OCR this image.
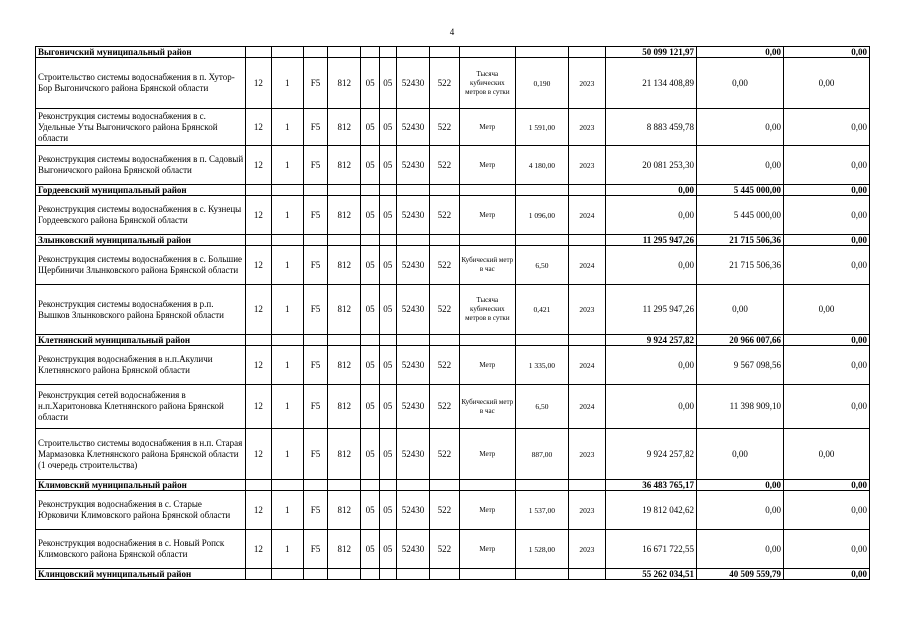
4
Выгоничский муниципальный район												50 099 121,97	0,00	0,00
Строительство системы водоснабжения в п. Хутор-Бор Выгоничского района Брянской области	12	1	F5	812	05	05	52430	522	Тысяча кубических метров в сутки	0,190	2023	21 134 408,89	0,00	0,00
Реконструкция системы водоснабжения в с. Удельные Уты Выгоничского района Брянской области	12	1	F5	812	05	05	52430	522	Метр	1 591,00	2023	8 883 459,78	0,00	0,00
Реконструкция системы водоснабжения в п. Садовый Выгоничского района Брянской области	12	1	F5	812	05	05	52430	522	Метр	4 180,00	2023	20 081 253,30	0,00	0,00
Гордеевский муниципальный район												0,00	5 445 000,00	0,00
Реконструкция системы водоснабжения в с. Кузнецы Гордеевского района Брянской области	12	1	F5	812	05	05	52430	522	Метр	1 096,00	2024	0,00	5 445 000,00	0,00
Злынковский муниципальный район												11 295 947,26	21 715 506,36	0,00
Реконструкция системы водоснабжения в с. Большие Щербиничи Злынковского района Брянской области	12	1	F5	812	05	05	52430	522	Кубический метр в час	6,50	2024	0,00	21 715 506,36	0,00
Реконструкция системы водоснабжения в р.п. Вышков Злынковского района Брянской области	12	1	F5	812	05	05	52430	522	Тысяча кубических метров в сутки	0,421	2023	11 295 947,26	0,00	0,00
Клетнянский муниципальный район												9 924 257,82	20 966 007,66	0,00
Реконструкция водоснабжения в н.п.Акуличи Клетнянского района Брянской области	12	1	F5	812	05	05	52430	522	Метр	1 335,00	2024	0,00	9 567 098,56	0,00
Реконструкция сетей водоснабжения в н.п.Харитоновка Клетнянского района Брянской области	12	1	F5	812	05	05	52430	522	Кубический метр в час	6,50	2024	0,00	11 398 909,10	0,00
Строительство системы водоснабжения в н.п. Старая Мармазовка Клетнянского района Брянской области (1 очередь строительства)	12	1	F5	812	05	05	52430	522	Метр	887,00	2023	9 924 257,82	0,00	0,00
Климовский муниципальный район												36 483 765,17	0,00	0,00
Реконструкция водоснабжения в с. Старые Юрковичи Климовского района Брянской области	12	1	F5	812	05	05	52430	522	Метр	1 537,00	2023	19 812 042,62	0,00	0,00
Реконструкция водоснабжения в с. Новый Ропск Климовского района Брянской области	12	1	F5	812	05	05	52430	522	Метр	1 528,00	2023	16 671 722,55	0,00	0,00
Клинцовский муниципальный район												55 262 034,51	40 509 559,79	0,00
